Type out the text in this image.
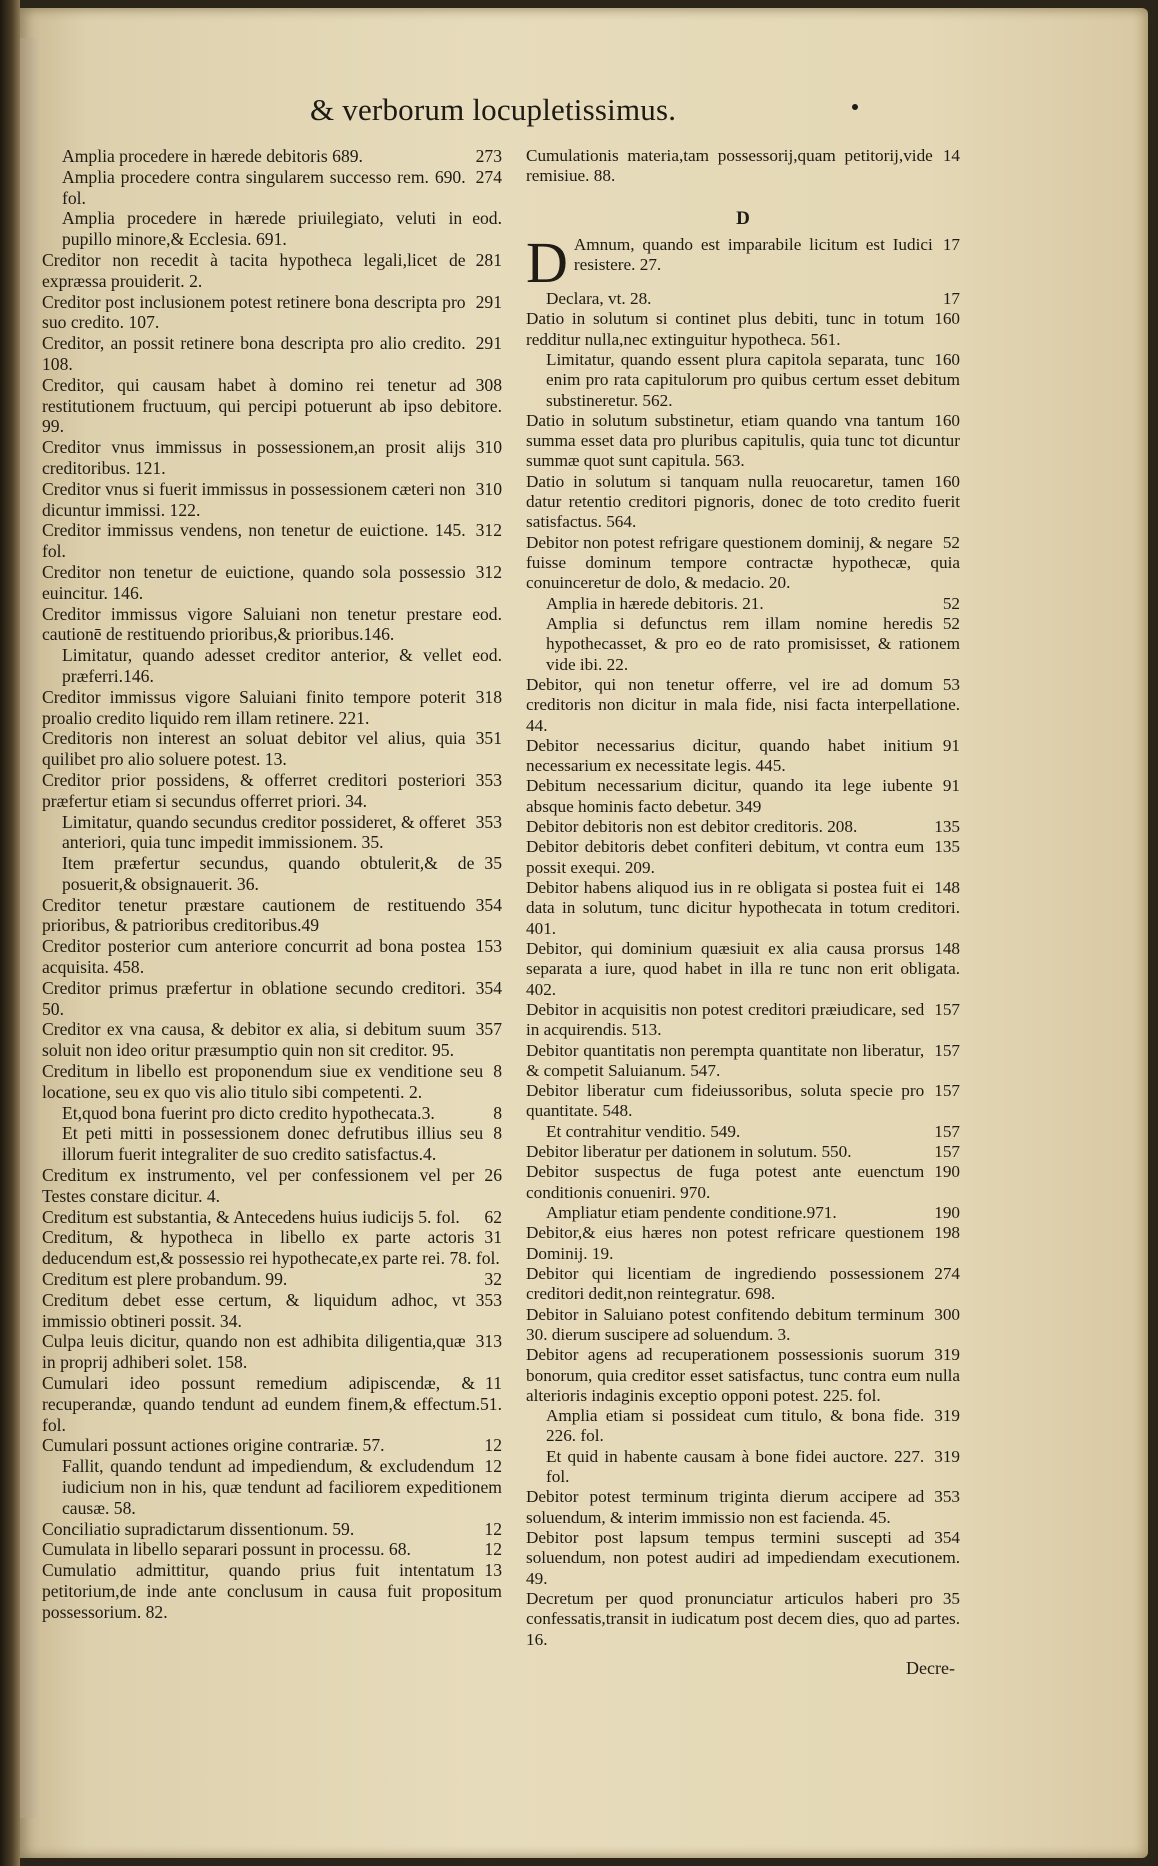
& verborum locupletissimus.

273
Amplia procedere in hærede debitoris 689.

274
Amplia procedere contra singularem successo rem. 690. fol.

eod.
Amplia procedere in hærede priuilegiato, veluti in pupillo minore,& Ecclesia. 691.

281
Creditor non recedit à tacita hypotheca legali,licet de expræssa prouiderit. 2.

291
Creditor post inclusionem potest retinere bona descripta pro suo credito. 107.

291
Creditor, an possit retinere bona descripta pro alio credito. 108.

308
Creditor, qui causam habet à domino rei tenetur ad restitutionem fructuum, qui percipi potuerunt ab ipso debitore. 99.

310
Creditor vnus immissus in possessionem,an prosit alijs creditoribus. 121.

310
Creditor vnus si fuerit immissus in possessionem cæteri non dicuntur immissi. 122.

312
Creditor immissus vendens, non tenetur de euictione. 145. fol.

312
Creditor non tenetur de euictione, quando sola possessio euincitur. 146.

eod.
Creditor immissus vigore Saluiani non tenetur prestare cautionē de restituendo prioribus,& prioribus.146.

eod.
Limitatur, quando adesset creditor anterior, & vellet præferri.146.

318
Creditor immissus vigore Saluiani finito tempore poterit proalio credito liquido rem illam retinere. 221.

351
Creditoris non interest an soluat debitor vel alius, quia quilibet pro alio soluere potest. 13.

353
Creditor prior possidens, & offerret creditori posteriori præfertur etiam si secundus offerret priori. 34.

353
Limitatur, quando secundus creditor possideret, & offeret anteriori, quia tunc impedit immissionem. 35.

35
Item præfertur secundus, quando obtulerit,& de posuerit,& obsignauerit. 36.

354
Creditor tenetur præstare cautionem de restituendo prioribus, & patrioribus creditoribus.49

153
Creditor posterior cum anteriore concurrit ad bona postea acquisita. 458.

354
Creditor primus præfertur in oblatione secundo creditori. 50.

357
Creditor ex vna causa, & debitor ex alia, si debitum suum soluit non ideo oritur præsumptio quin non sit creditor. 95.

8
Creditum in libello est proponendum siue ex venditione seu locatione, seu ex quo vis alio titulo sibi competenti. 2.

8
Et,quod bona fuerint pro dicto credito hypothecata.3.

8
Et peti mitti in possessionem donec defrutibus illius seu illorum fuerit integraliter de suo credito satisfactus.4.

26
Creditum ex instrumento, vel per confessionem vel per Testes constare dicitur. 4.

62
Creditum est substantia, & Antecedens huius iudicijs 5. fol.

31
Creditum, & hypotheca in libello ex parte actoris deducendum est,& possessio rei hypothecate,ex parte rei. 78. fol.

32
Creditum est plere probandum. 99.

353
Creditum debet esse certum, & liquidum adhoc, vt immissio obtineri possit. 34.

313
Culpa leuis dicitur, quando non est adhibita diligentia,quæ in proprij adhiberi solet. 158.

11
Cumulari ideo possunt remedium adipiscendæ, & recuperandæ, quando tendunt ad eundem finem,& effectum.51. fol.

12
Cumulari possunt actiones origine contrariæ. 57.

12
Fallit, quando tendunt ad impediendum, & excludendum iudicium non in his, quæ tendunt ad faciliorem expeditionem causæ. 58.

12
Conciliatio supradictarum dissentionum. 59.

12
Cumulata in libello separari possunt in processu. 68.

13
Cumulatio admittitur, quando prius fuit intentatum petitorium,de inde ante conclusum in causa fuit propositum possessorium. 82.

14
Cumulationis materia,tam possessorij,quam petitorij,vide remisiue. 88.

D
D	17
Amnum, quando est imparabile licitum est Iudici resistere. 27.

17
Declara, vt. 28.

160
Datio in solutum si continet plus debiti, tunc in totum redditur nulla,nec extinguitur hypotheca. 561.

160
Limitatur, quando essent plura capitola separata, tunc enim pro rata capitulorum pro quibus certum esset debitum substineretur. 562.

160
Datio in solutum substinetur, etiam quando vna tantum summa esset data pro pluribus capitulis, quia tunc tot dicuntur summæ quot sunt capitula. 563.

160
Datio in solutum si tanquam nulla reuocaretur, tamen datur retentio creditori pignoris, donec de toto credito fuerit satisfactus. 564.

52
Debitor non potest refrigare questionem dominij, & negare fuisse dominum tempore contractæ hypothecæ, quia conuinceretur de dolo, & medacio. 20.

52
Amplia in hærede debitoris. 21.

52
Amplia si defunctus rem illam nomine heredis hypothecasset, & pro eo de rato promisisset, & rationem vide ibi. 22.

53
Debitor, qui non tenetur offerre, vel ire ad domum creditoris non dicitur in mala fide, nisi facta interpellatione. 44.

91
Debitor necessarius dicitur, quando habet initium necessarium ex necessitate legis. 445.

91
Debitum necessarium dicitur, quando ita lege iubente absque hominis facto debetur. 349

135
Debitor debitoris non est debitor creditoris. 208.

135
Debitor debitoris debet confiteri debitum, vt contra eum possit exequi. 209.

148
Debitor habens aliquod ius in re obligata si postea fuit ei data in solutum, tunc dicitur hypothecata in totum creditori. 401.

148
Debitor, qui dominium quæsiuit ex alia causa prorsus separata a iure, quod habet in illa re tunc non erit obligata. 402.

157
Debitor in acquisitis non potest creditori præiudicare, sed in acquirendis. 513.

157
Debitor quantitatis non perempta quantitate non liberatur, & competit Saluianum. 547.

157
Debitor liberatur cum fideiussoribus, soluta specie pro quantitate. 548.

157
Et contrahitur venditio. 549.

157
Debitor liberatur per dationem in solutum. 550.

190
Debitor suspectus de fuga potest ante euenctum conditionis conueniri. 970.

190
Ampliatur etiam pendente conditione.971.

198
Debitor,& eius hæres non potest refricare questionem Dominij. 19.

274
Debitor qui licentiam de ingrediendo possessionem creditori dedit,non reintegratur. 698.

300
Debitor in Saluiano potest confitendo debitum terminum 30. dierum suscipere ad soluendum. 3.

319
Debitor agens ad recuperationem possessionis suorum bonorum, quia creditor esset satisfactus, tunc contra eum nulla alterioris indaginis exceptio opponi potest. 225. fol.

319
Amplia etiam si possideat cum titulo, & bona fide. 226. fol.

319
Et quid in habente causam à bone fidei auctore. 227. fol.

353
Debitor potest terminum triginta dierum accipere ad soluendum, & interim immissio non est facienda. 45.

354
Debitor post lapsum tempus termini suscepti ad soluendum, non potest audiri ad impediendam executionem. 49.

35
Decretum per quod pronunciatur articulos haberi pro confessatis,transit in iudicatum post decem dies, quo ad partes. 16.

Decre-
